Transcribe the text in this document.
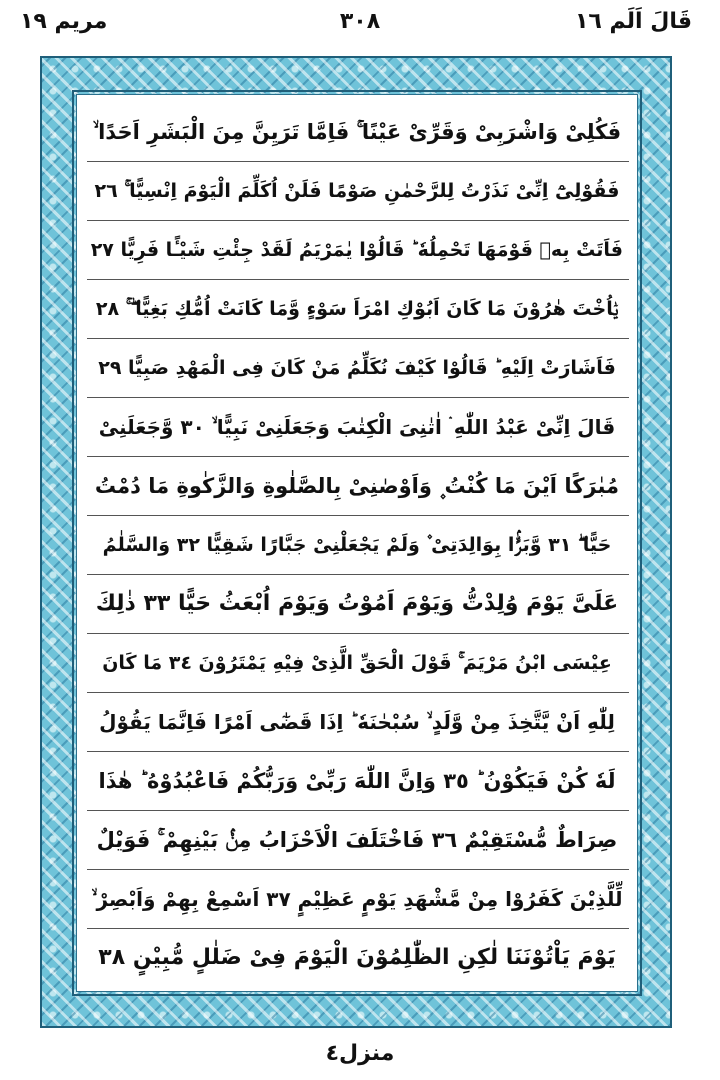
قَالَ اَلَم ١٦
٣٠٨
مریم ١٩
فَكُلِىْ وَاشْرَبِىْ وَقَرِّىْ عَيْنًا ۚ فَاِمَّا تَرَيِنَّ مِنَ الْبَشَرِ اَحَدًا ۙ
فَقُوْلِىْٓ اِنِّىْ نَذَرْتُ لِلرَّحْمٰنِ صَوْمًا فَلَنْ اُكَلِّمَ الْيَوْمَ اِنْسِيًّا ۚ ٢٦
فَاَتَتْ بِهٖ قَوْمَهَا تَحْمِلُهٗ ؕ قَالُوْا يٰمَرْيَمُ لَقَدْ جِئْتِ شَيْـًٔا فَرِيًّا ٢٧
يٰۤاُخْتَ هٰرُوْنَ مَا كَانَ اَبُوْكِ امْرَاَ سَوْءٍ وَّمَا كَانَتْ اُمُّكِ بَغِيًّا ۖ ۚ ٢٨
فَاَشَارَتْ اِلَيْهِ ؕ قَالُوْا كَيْفَ نُكَلِّمُ مَنْ كَانَ فِى الْمَهْدِ صَبِيًّا ٢٩
قَالَ اِنِّىْ عَبْدُ اللّٰهِ ۛ اٰتٰنِىَ الْكِتٰبَ وَجَعَلَنِىْ نَبِيًّا ۙ ٣٠ وَّجَعَلَنِىْ
مُبٰرَكًا اَيْنَ مَا كُنْتُ ۪ وَاَوْصٰنِىْ بِالصَّلٰوةِ وَالزَّكٰوةِ مَا دُمْتُ
حَيًّا ۖ ٣١ وَّبَرًّۢا بِوَالِدَتِىْ ۫ وَلَمْ يَجْعَلْنِىْ جَبَّارًا شَقِيًّا ٣٢ وَالسَّلٰمُ
عَلَىَّ يَوْمَ وُلِدْتُّ وَيَوْمَ اَمُوْتُ وَيَوْمَ اُبْعَثُ حَيًّا ٣٣ ذٰلِكَ
عِيْسَى ابْنُ مَرْيَمَ ۚ قَوْلَ الْحَقِّ الَّذِىْ فِيْهِ يَمْتَرُوْنَ ٣٤ مَا كَانَ
لِلّٰهِ اَنْ يَّتَّخِذَ مِنْ وَّلَدٍ ۙ سُبْحٰنَهٗ ؕ اِذَا قَضٰٓى اَمْرًا فَاِنَّمَا يَقُوْلُ
لَهٗ كُنْ فَيَكُوْنُ ؕ ٣٥ وَاِنَّ اللّٰهَ رَبِّىْ وَرَبُّكُمْ فَاعْبُدُوْهُ ؕ هٰذَا
صِرَاطٌ مُّسْتَقِيْمٌ ٣٦ فَاخْتَلَفَ الْاَحْزَابُ مِنْۢ بَيْنِهِمْ ۚ فَوَيْلٌ
لِّلَّذِيْنَ كَفَرُوْا مِنْ مَّشْهَدِ يَوْمٍ عَظِيْمٍ ٣٧ اَسْمِعْ بِهِمْ وَاَبْصِرْ ۙ
يَوْمَ يَاْتُوْنَنَا لٰكِنِ الظّٰلِمُوْنَ الْيَوْمَ فِىْ ضَلٰلٍ مُّبِيْنٍ ٣٨
منزل٤
